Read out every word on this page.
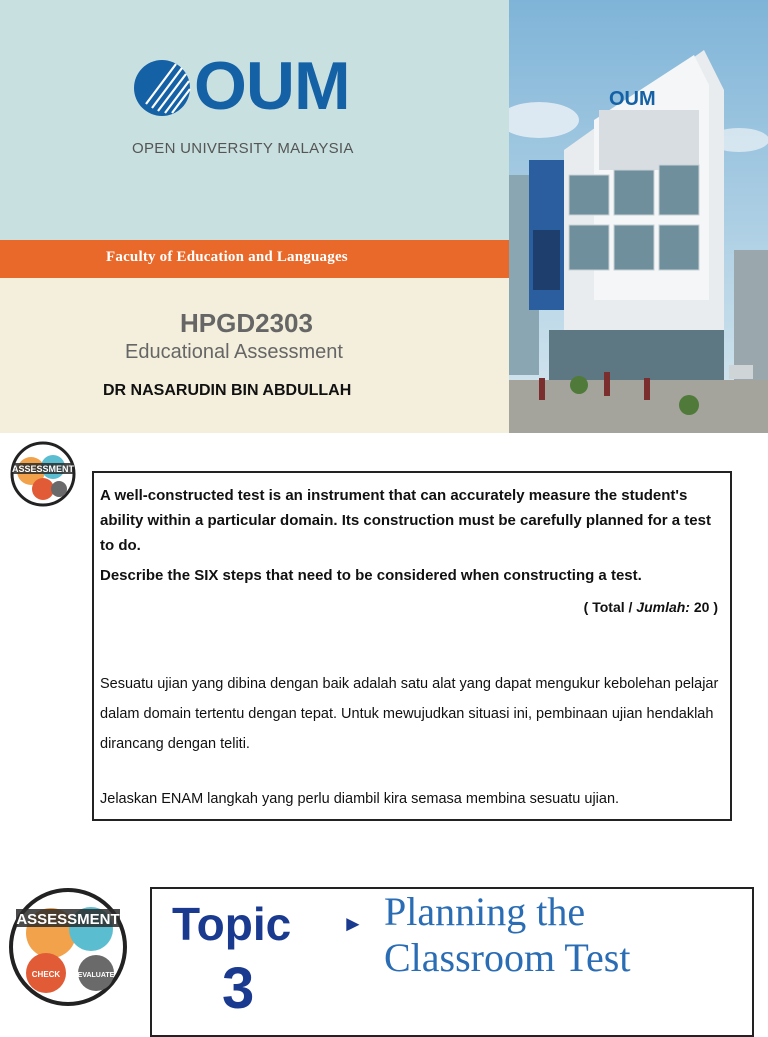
OUM
OPEN UNIVERSITY MALAYSIA
Faculty of Education and Languages
HPGD2303
Educational Assessment
DR NASARUDIN BIN ABDULLAH
OUM
ASSESSMENT

A well-constructed test is an instrument that can accurately measure the student's ability within a particular domain. Its construction must be carefully planned for a test to do.

Describe the SIX steps that need to be considered when constructing a test.

( Total / Jumlah: 20 )

Sesuatu ujian yang dibina dengan baik adalah satu alat yang dapat mengukur kebolehan pelajar dalam domain tertentu dengan tepat. Untuk mewujudkan situasi ini, pembinaan ujian hendaklah dirancang dengan teliti.

Jelaskan ENAM langkah yang perlu diambil kira semasa membina sesuatu ujian.

ASSESSMENT
CHECK EVALUATE
Topic ►
3
Planning the
Classroom Test
